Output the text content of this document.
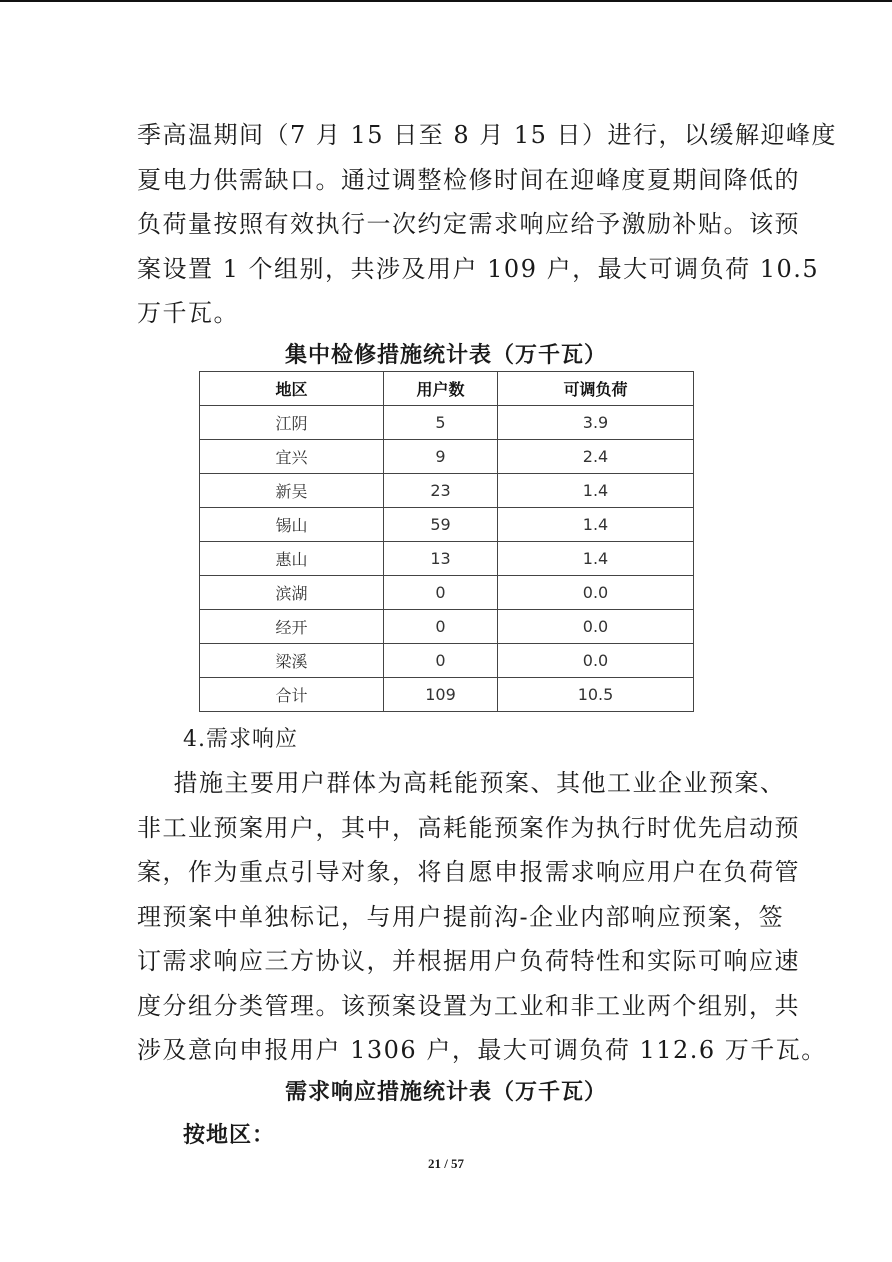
季高温期间（7 月 15 日至 8 月 15 日）进行，以缓解迎峰度
夏电力供需缺口。通过调整检修时间在迎峰度夏期间降低的
负荷量按照有效执行一次约定需求响应给予激励补贴。该预
案设置 1 个组别，共涉及用户 109 户，最大可调负荷 10.5
万千瓦。
集中检修措施统计表（万千瓦）
地区	用户数	可调负荷
江阴	5	3.9
宜兴	9	2.4
新吴	23	1.4
锡山	59	1.4
惠山	13	1.4
滨湖	0	0.0
经开	0	0.0
梁溪	0	0.0
合计	109	10.5
4.需求响应
措施主要用户群体为高耗能预案、其他工业企业预案、
非工业预案用户，其中，高耗能预案作为执行时优先启动预
案，作为重点引导对象，将自愿申报需求响应用户在负荷管
理预案中单独标记，与用户提前沟-企业内部响应预案，签
订需求响应三方协议，并根据用户负荷特性和实际可响应速
度分组分类管理。该预案设置为工业和非工业两个组别，共
涉及意向申报用户 1306 户，最大可调负荷 112.6 万千瓦。
需求响应措施统计表（万千瓦）
按地区：
21 / 57
